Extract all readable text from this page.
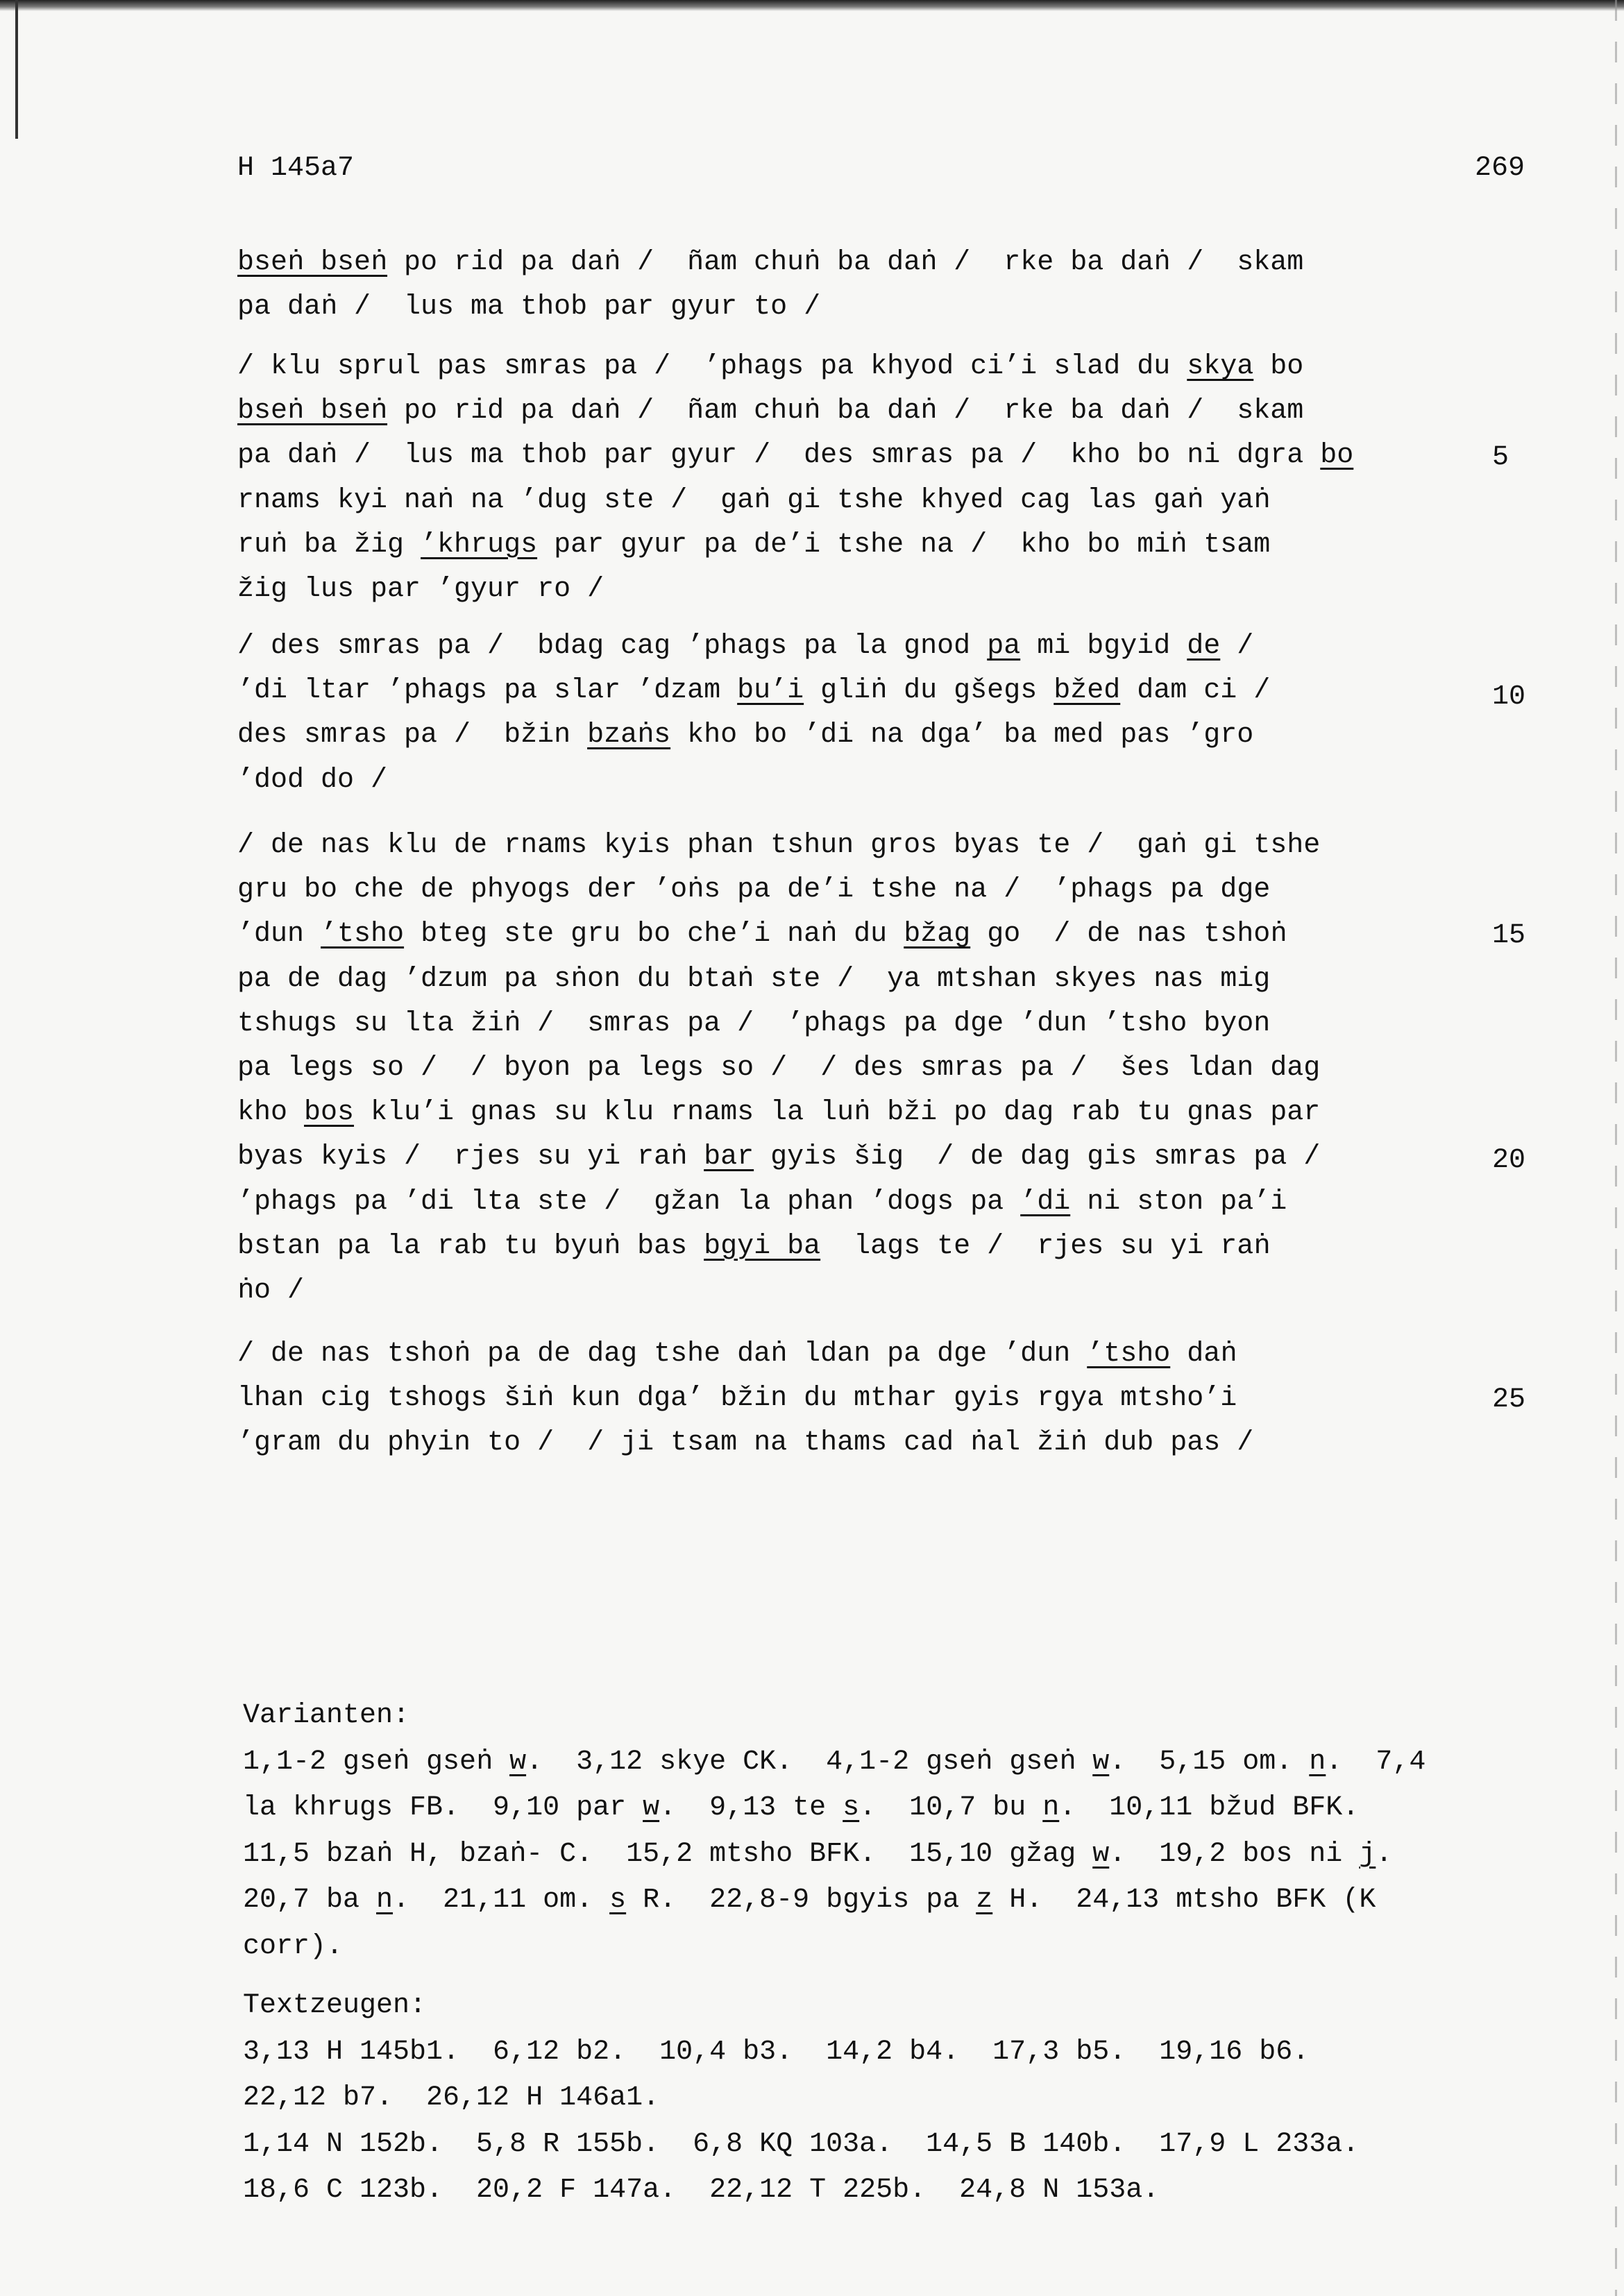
H 145a7	269
bseṅ bseṅ po rid pa daṅ /  ñam chuṅ ba daṅ /  rke ba daṅ /  skam
pa daṅ /  lus ma thob par gyur to /
/ klu sprul pas smras pa /  ’phags pa khyod ci’i slad du skya bo
bseṅ bseṅ po rid pa daṅ /  ñam chuṅ ba daṅ /  rke ba daṅ /  skam
pa daṅ /  lus ma thob par gyur /  des smras pa /  kho bo ni dgra bo
rnams kyi naṅ na ’dug ste /  gaṅ gi tshe khyed cag las gaṅ yaṅ
ruṅ ba žig ’khrugs par gyur pa de’i tshe na /  kho bo miṅ tsam
žig lus par ’gyur ro /
/ des smras pa /  bdag cag ’phags pa la gnod pa mi bgyid de /
’di ltar ’phags pa slar ’dzam bu’i gliṅ du gšegs bžed dam ci /
des smras pa /  bžin bzaṅs kho bo ’di na dga’ ba med pas ’gro
’dod do /
/ de nas klu de rnams kyis phan tshun gros byas te /  gaṅ gi tshe
gru bo che de phyogs der ’oṅs pa de’i tshe na /  ’phags pa dge
’dun ’tsho bteg ste gru bo che’i naṅ du bžag go  / de nas tshoṅ
pa de dag ’dzum pa sṅon du btaṅ ste /  ya mtshan skyes nas mig
tshugs su lta žiṅ /  smras pa /  ’phags pa dge ’dun ’tsho byon
pa legs so /  / byon pa legs so /  / des smras pa /  šes ldan dag
kho bos klu’i gnas su klu rnams la luṅ bži po dag rab tu gnas par
byas kyis /  rjes su yi raṅ bar gyis šig  / de dag gis smras pa /
’phags pa ’di lta ste /  gžan la phan ’dogs pa ’di ni ston pa’i
bstan pa la rab tu byuṅ bas bgyi ba  lags te /  rjes su yi raṅ
ṅo /
/ de nas tshoṅ pa de dag tshe daṅ ldan pa dge ’dun ’tsho daṅ
lhan cig tshogs šiṅ kun dga’ bžin du mthar gyis rgya mtsho’i
’gram du phyin to /  / ji tsam na thams cad ṅal žiṅ dub pas /
5
10
15
20
25
Varianten:
1,1-2 gseṅ gseṅ w.  3,12 skye CK.  4,1-2 gseṅ gseṅ w.  5,15 om. n.  7,4
la khrugs FB.  9,10 par w.  9,13 te s.  10,7 bu n.  10,11 bžud BFK.
11,5 bzaṅ H, bzaṅ- C.  15,2 mtsho BFK.  15,10 gžag w.  19,2 bos ni j.
20,7 ba n.  21,11 om. s R.  22,8-9 bgyis pa z H.  24,13 mtsho BFK (K
corr).
Textzeugen:
3,13 H 145b1.  6,12 b2.  10,4 b3.  14,2 b4.  17,3 b5.  19,16 b6.
22,12 b7.  26,12 H 146a1.
1,14 N 152b.  5,8 R 155b.  6,8 KQ 103a.  14,5 B 140b.  17,9 L 233a.
18,6 C 123b.  20,2 F 147a.  22,12 T 225b.  24,8 N 153a.
